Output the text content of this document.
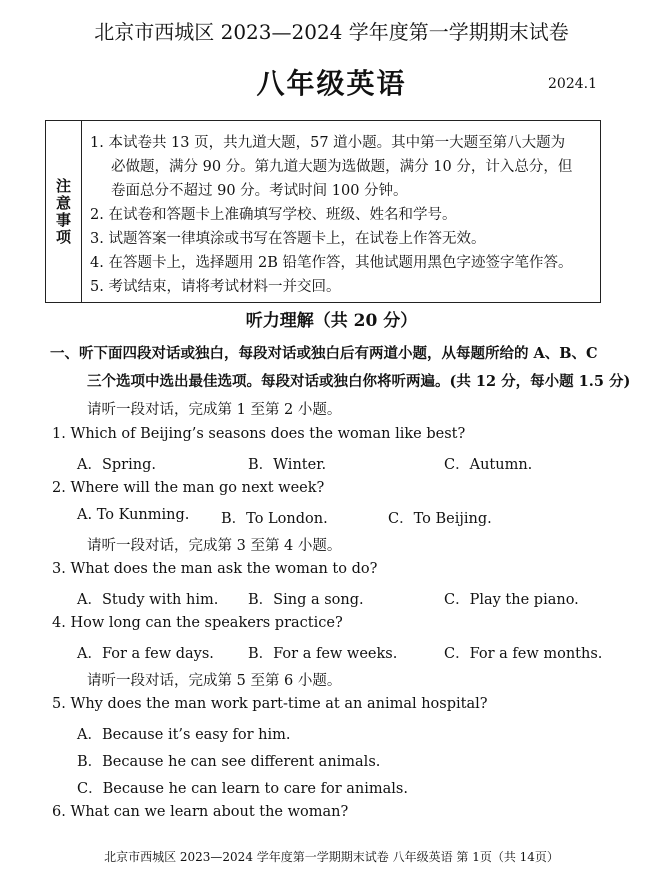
北京市西城区 2023—2024 学年度第一学期期末试卷
八年级英语	2024.1
注意事项
1. 本试卷共 13 页，共九道大题，57 道小题。其中第一大题至第八大题为
必做题，满分 90 分。第九道大题为选做题，满分 10 分，计入总分，但
卷面总分不超过 90 分。考试时间 100 分钟。
2. 在试卷和答题卡上准确填写学校、班级、姓名和学号。
3. 试题答案一律填涂或书写在答题卡上，在试卷上作答无效。
4. 在答题卡上，选择题用 2B 铅笔作答，其他试题用黑色字迹签字笔作答。
5. 考试结束，请将考试材料一并交回。
听力理解（共 20 分）
一、听下面四段对话或独白，每段对话或独白后有两道小题，从每题所给的 A、B、C
三个选项中选出最佳选项。每段对话或独白你将听两遍。(共 12 分，每小题 1.5 分)
请听一段对话，完成第 1 至第 2 小题。
1. Which of Beijing’s seasons does the woman like best?
A．Spring.	B．Winter.	C．Autumn.
2. Where will the man go next week?
A. To Kunming. B．To London.	C．To Beijing.
请听一段对话，完成第 3 至第 4 小题。
3. What does the man ask the woman to do?
A．Study with him. B．Sing a song.	C．Play the piano.
4. How long can the speakers practice?
A．For a few days. B．For a few weeks.	C．For a few months.
请听一段对话，完成第 5 至第 6 小题。
5. Why does the man work part-time at an animal hospital?
A．Because it’s easy for him.
B．Because he can see different animals.
C．Because he can learn to care for animals.
6. What can we learn about the woman?
北京市西城区 2023—2024 学年度第一学期期末试卷 八年级英语 第 1页（共 14页）
